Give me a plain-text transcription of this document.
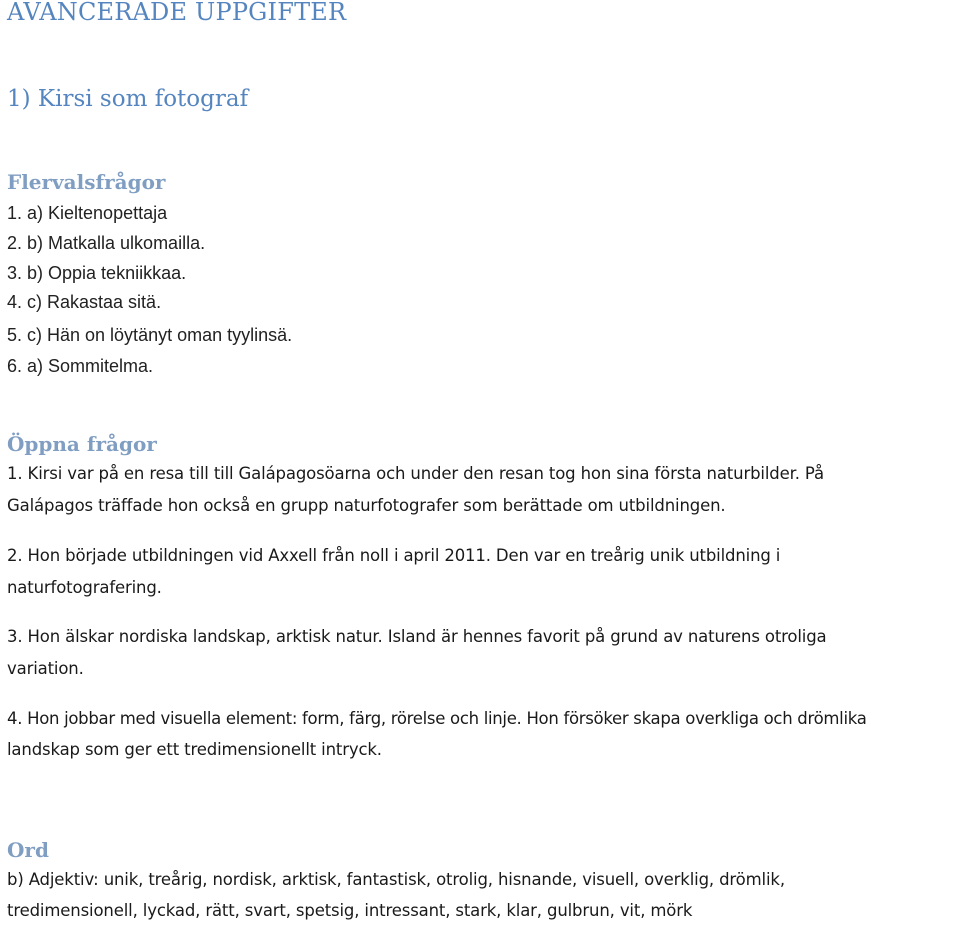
AVANCERADE UPPGIFTER
1) Kirsi som fotograf
Flervalsfrågor

1. a) Kieltenopettaja

2. b) Matkalla ulkomailla.

3. b) Oppia tekniikkaa.

4. c) Rakastaa sitä.

5. c) Hän on löytänyt oman tyylinsä.

6. a) Sommitelma.

Öppna frågor

1. Kirsi var på en resa till till Galápagosöarna och under den resan tog hon sina första naturbilder. På

Galápagos träffade hon också en grupp naturfotografer som berättade om utbildningen.

2. Hon började utbildningen vid Axxell från noll i april 2011. Den var en treårig unik utbildning i

naturfotografering.

3. Hon älskar nordiska landskap, arktisk natur. Island är hennes favorit på grund av naturens otroliga

variation.

4. Hon jobbar med visuella element: form, färg, rörelse och linje. Hon försöker skapa overkliga och drömlika

landskap som ger ett tredimensionellt intryck.

Ord

b) Adjektiv: unik, treårig, nordisk, arktisk, fantastisk, otrolig, hisnande, visuell, overklig, drömlik,

tredimensionell, lyckad, rätt, svart, spetsig, intressant, stark, klar, gulbrun, vit, mörk
